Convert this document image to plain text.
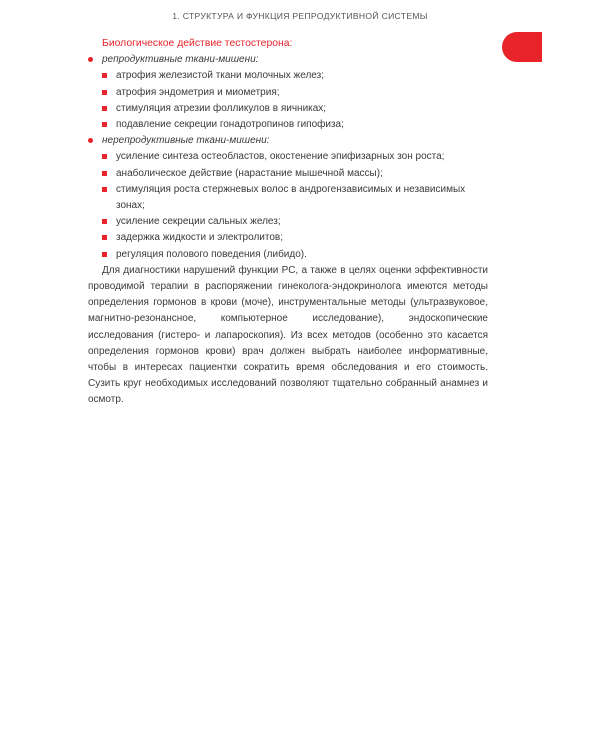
1. СТРУКТУРА И ФУНКЦИЯ РЕПРОДУКТИВНОЙ СИСТЕМЫ
Биологическое действие тестостерона:
репродуктивные ткани-мишени:
атрофия железистой ткани молочных желез;
атрофия эндометрия и миометрия;
стимуляция атрезии фолликулов в яичниках;
подавление секреции гонадотропинов гипофиза;
нерепродуктивные ткани-мишени:
усиление синтеза остеобластов, окостенение эпифизарных зон роста;
анаболическое действие (нарастание мышечной массы);
стимуляция роста стержневых волос в андрогензависимых и независимых зонах;
усиление секреции сальных желез;
задержка жидкости и электролитов;
регуляция полового поведения (либидо).

Для диагностики нарушений функции РС, а также в целях оценки эффективности проводимой терапии в распоряжении гинеколога-эндокринолога имеются методы определения гормонов в крови (моче), инструментальные методы (ультразвуковое, магнитно-резонансное, компьютерное исследование), эндоскопические исследования (гистеро- и лапароскопия). Из всех методов (особенно это касается определения гормонов крови) врач должен выбрать наиболее информативные, чтобы в интересах пациентки сократить время обследования и его стоимость. Сузить круг необходимых исследований позволяют тщательно собранный анамнез и осмотр.
